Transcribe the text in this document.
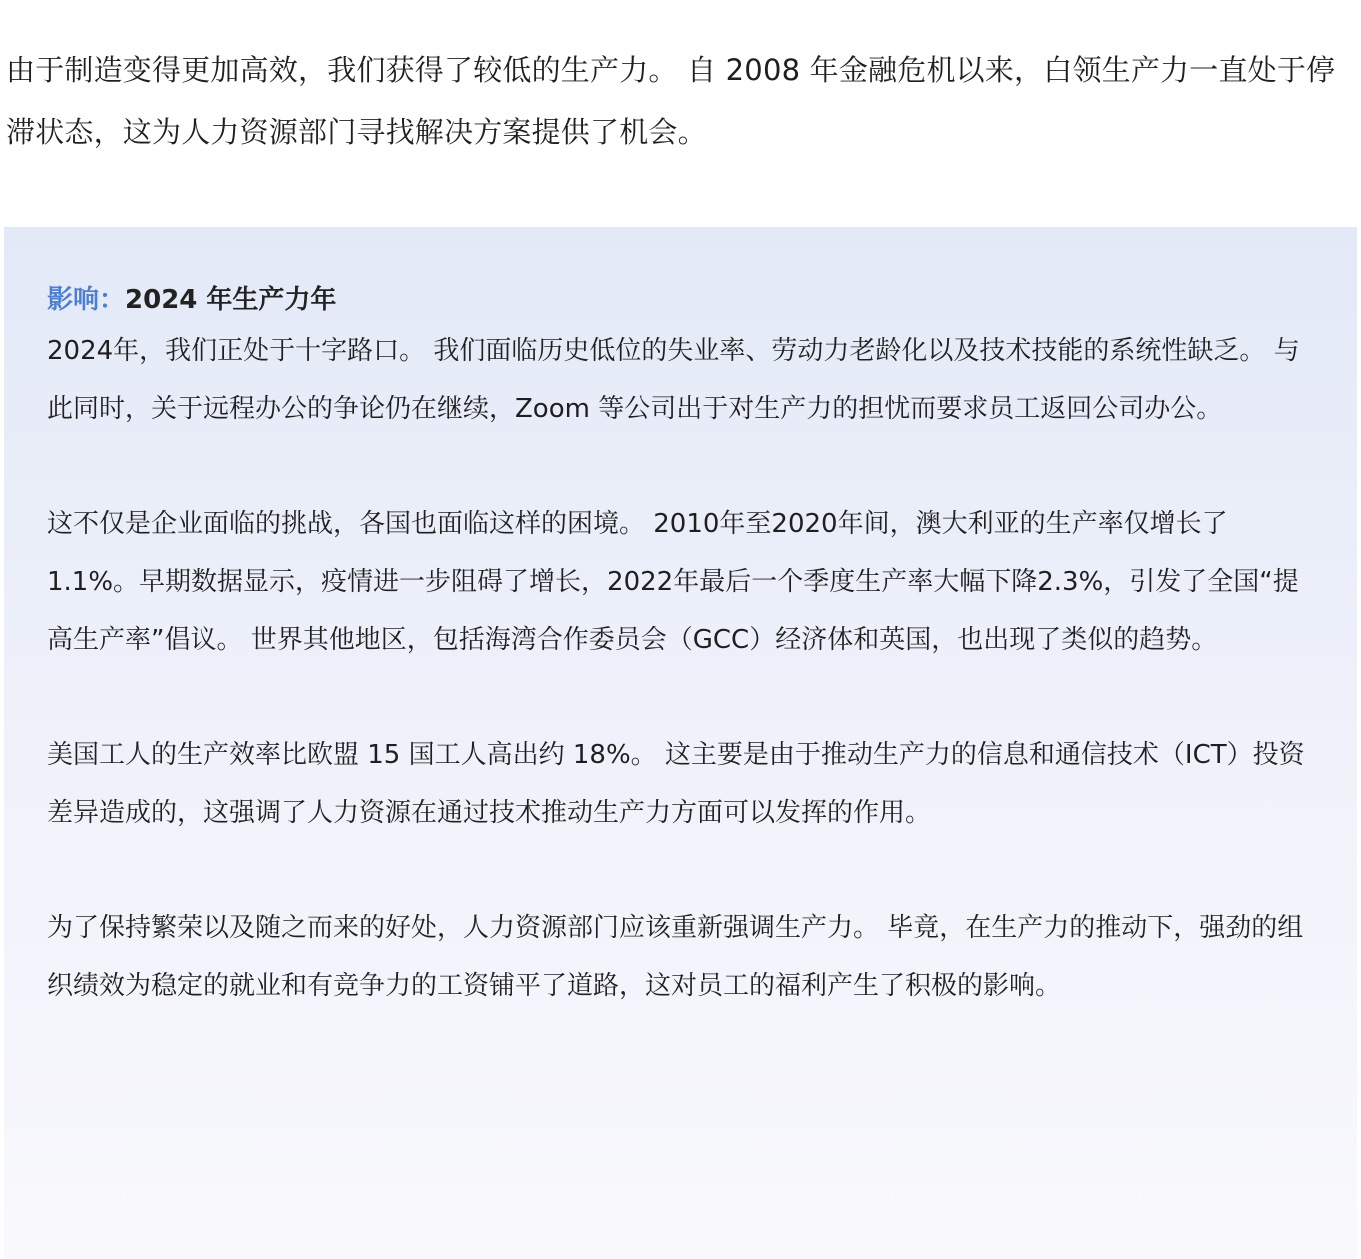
由于制造变得更加高效，我们获得了较低的生产力。 自 2008 年金融危机以来，白领生产力一直处于停滞状态，这为人力资源部门寻找解决方案提供了机会。

影响：2024 年生产力年

2024年，我们正处于十字路口。 我们面临历史低位的失业率、劳动力老龄化以及技术技能的系统性缺乏。 与此同时，关于远程办公的争论仍在继续，Zoom 等公司出于对生产力的担忧而要求员工返回公司办公。

这不仅是企业面临的挑战，各国也面临这样的困境。 2010年至2020年间，澳大利亚的生产率仅增长了1.1%。早期数据显示，疫情进一步阻碍了增长，2022年最后一个季度生产率大幅下降2.3%，引发了全国“提高生产率”倡议。 世界其他地区，包括海湾合作委员会（GCC）经济体和英国，也出现了类似的趋势。

美国工人的生产效率比欧盟 15 国工人高出约 18%。 这主要是由于推动生产力的信息和通信技术（ICT）投资差异造成的，这强调了人力资源在通过技术推动生产力方面可以发挥的作用。

为了保持繁荣以及随之而来的好处，人力资源部门应该重新强调生产力。 毕竟，在生产力的推动下，强劲的组织绩效为稳定的就业和有竞争力的工资铺平了道路，这对员工的福利产生了积极的影响。
